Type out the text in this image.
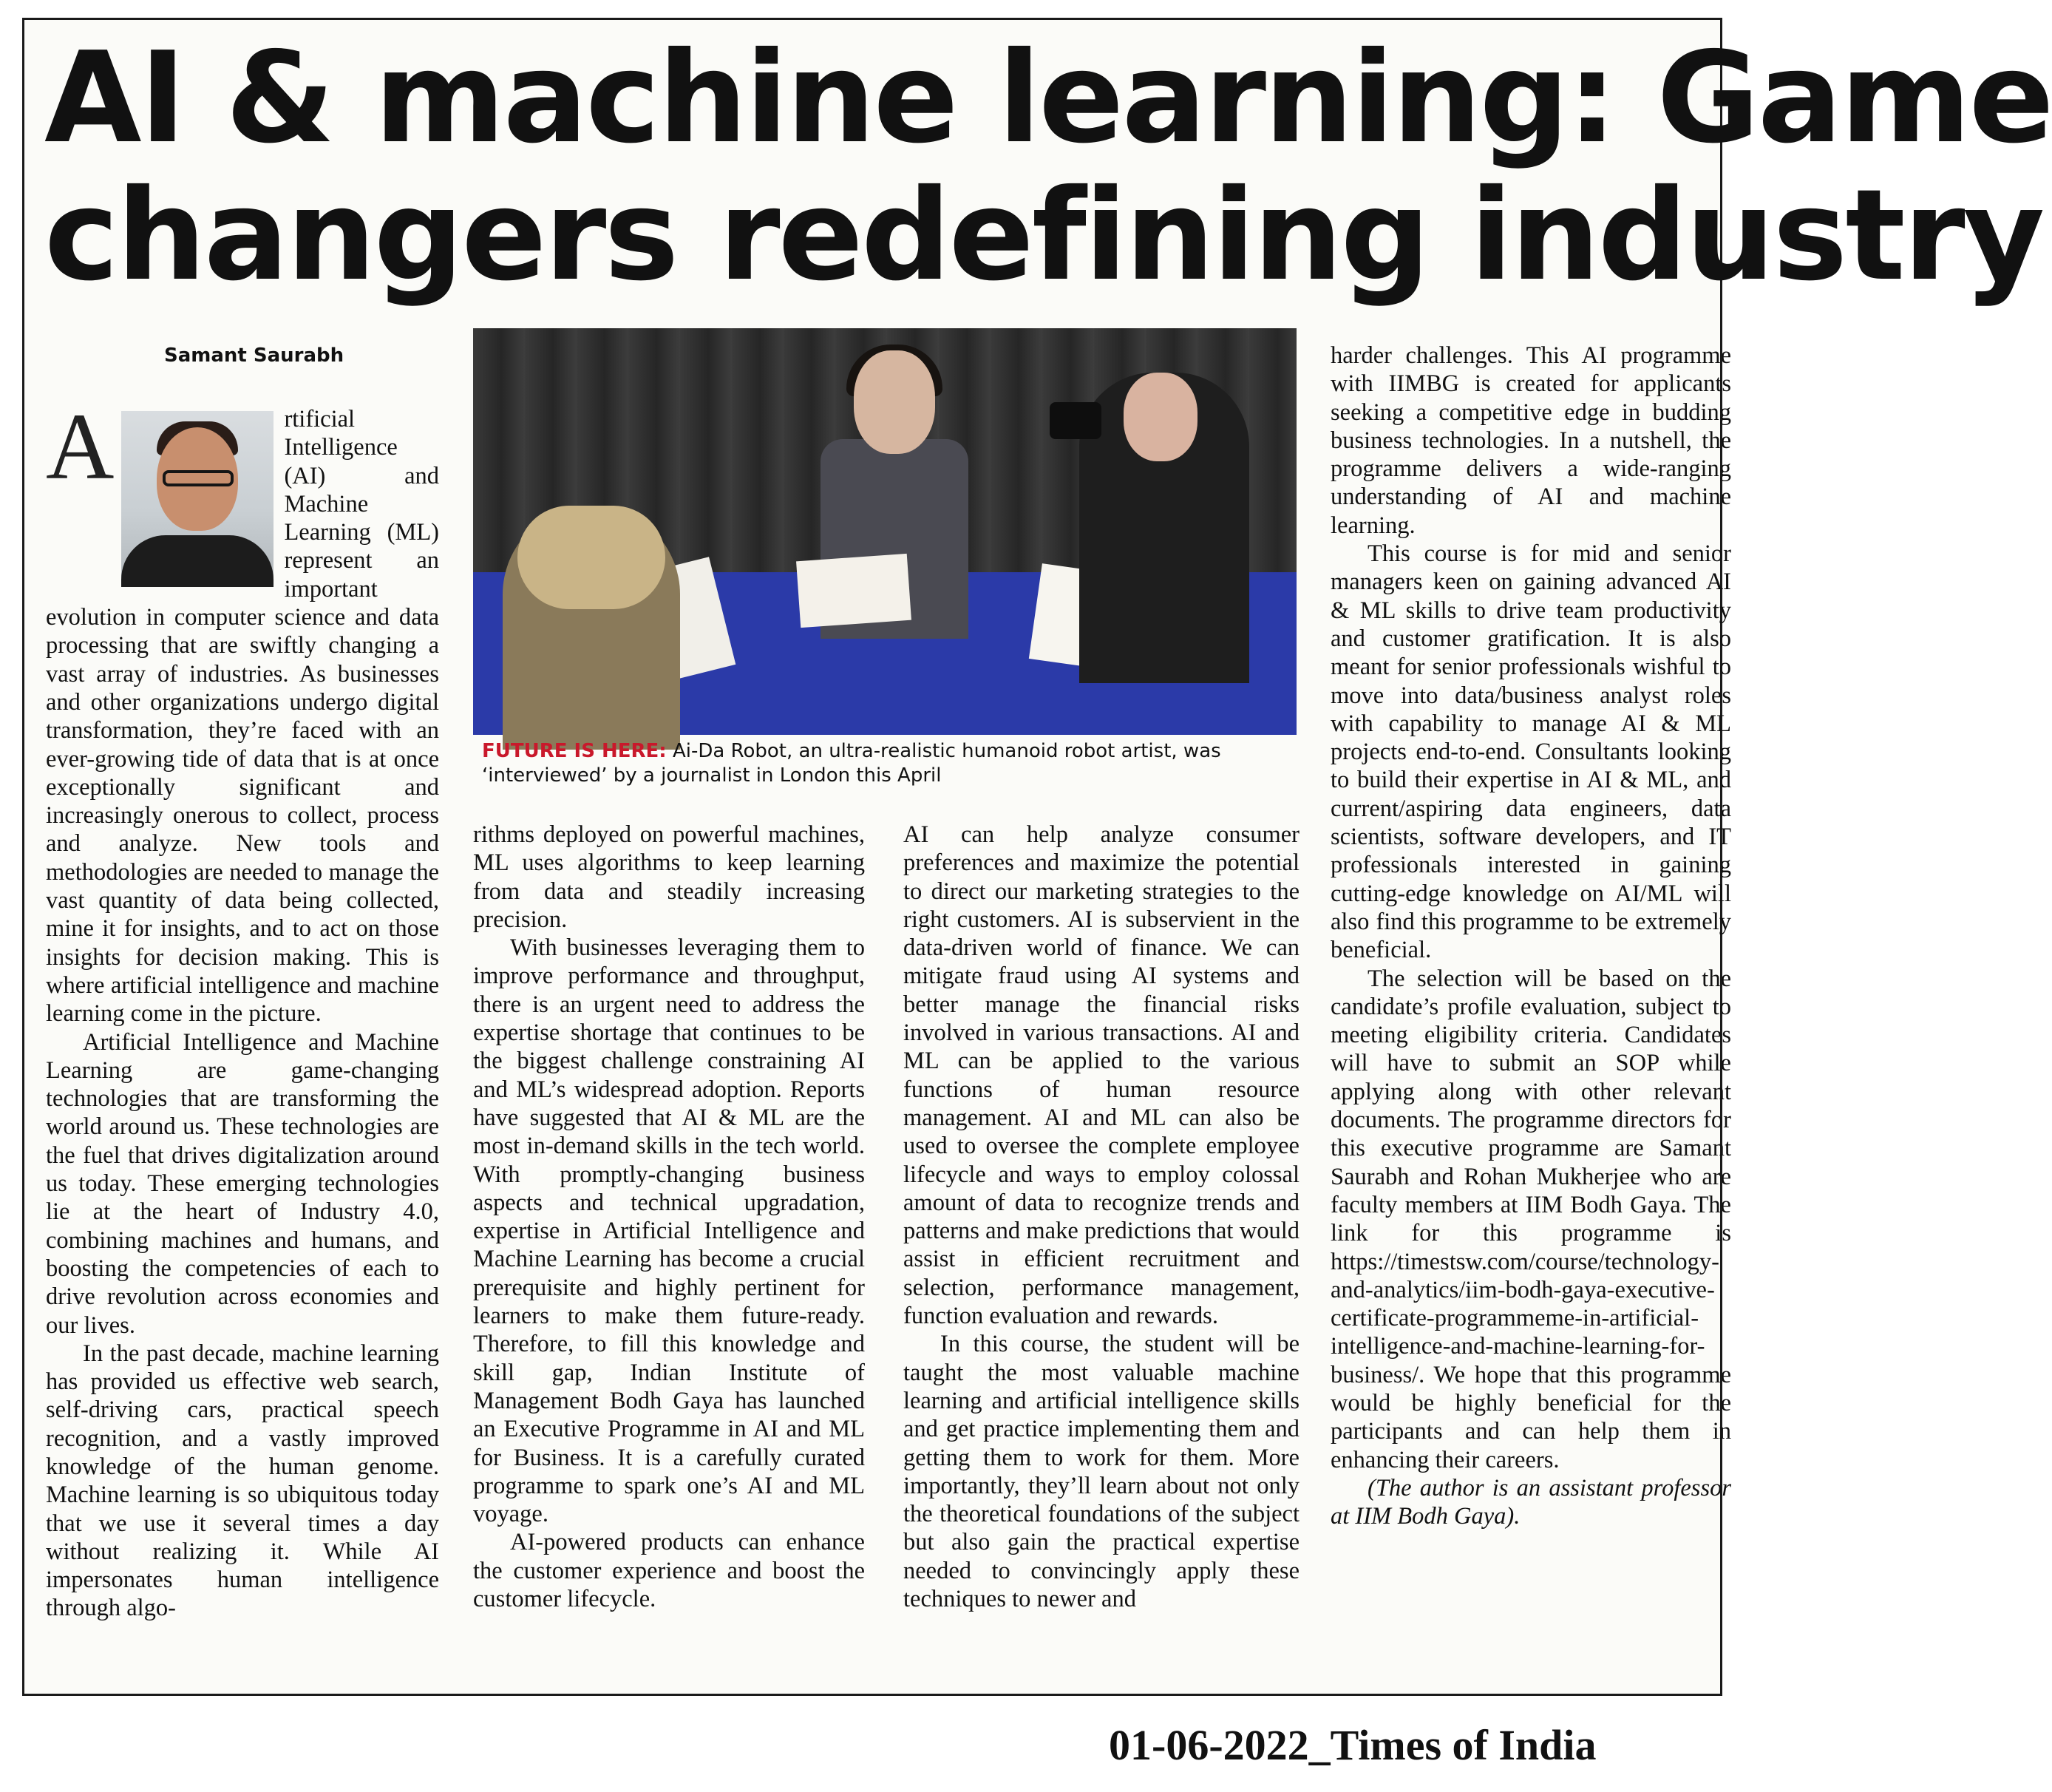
AI & machine learning: Game
changers redefining industry
Samant Saurabh

A	rtificial Intelligence (AI) and Machine Learning (ML) represent an important evolution in computer science and data processing that are swiftly changing a vast array of industries. As businesses and other organizations undergo digital transformation, they’re faced with an ever-growing tide of data that is at once exceptionally significant and increasingly onerous to collect, process and analyze. New tools and methodologies are needed to manage the vast quantity of data being collected, mine it for insights, and to act on those insights for decision making. This is where artificial intelligence and machine learning come in the picture.

Artificial Intelligence and Machine Learning are game-changing technologies that are transforming the world around us. These technologies are the fuel that drives digitalization around us today. These emerging technologies lie at the heart of Industry 4.0, combining machines and humans, and boosting the competencies of each to drive revolution across economies and our lives.

In the past decade, machine learning has provided us effective web search, self-driving cars, practical speech recognition, and a vastly improved knowledge of the human genome. Machine learning is so ubiquitous today that we use it several times a day without realizing it. While AI impersonates human intelligence through algo-

FUTURE IS HERE: Ai-Da Robot, an ultra-realistic humanoid robot artist, was ‘interviewed’ by a journalist in London this April

rithms deployed on powerful machines, ML uses algorithms to keep learning from data and steadily increasing precision.

With businesses leveraging them to improve performance and throughput, there is an urgent need to address the expertise shortage that continues to be the biggest challenge constraining AI and ML’s widespread adoption. Reports have suggested that AI & ML are the most in-demand skills in the tech world. With promptly-changing business aspects and technical upgradation, expertise in Artificial Intelligence and Machine Learning has become a crucial prerequisite and highly pertinent for learners to make them future-ready. Therefore, to fill this knowledge and skill gap, Indian Institute of Management Bodh Gaya has launched an Executive Programme in AI and ML for Business. It is a carefully curated programme to spark one’s AI and ML voyage.

AI-powered products can enhance the customer experience and boost the customer lifecycle.

AI can help analyze consumer preferences and maximize the potential to direct our marketing strategies to the right customers. AI is subservient in the data-driven world of finance. We can mitigate fraud using AI systems and better manage the financial risks involved in various transactions. AI and ML can be applied to the various functions of human resource management. AI and ML can also be used to oversee the complete employee lifecycle and ways to employ colossal amount of data to recognize trends and patterns and make predictions that would assist in efficient recruitment and selection, performance management, function evaluation and rewards.

In this course, the student will be taught the most valuable machine learning and artificial intelligence skills and get practice implementing them and getting them to work for them. More importantly, they’ll learn about not only the theoretical foundations of the subject but also gain the practical expertise needed to convincingly apply these techniques to newer and

harder challenges. This AI programme with IIMBG is created for applicants seeking a competitive edge in budding business technologies. In a nutshell, the programme delivers a wide-ranging understanding of AI and machine learning.

This course is for mid and senior managers keen on gaining advanced AI & ML skills to drive team productivity and customer gratification. It is also meant for senior professionals wishful to move into data/business analyst roles with capability to manage AI & ML projects end-to-end. Consultants looking to build their expertise in AI & ML, and current/aspiring data engineers, data scientists, software developers, and IT professionals interested in gaining cutting-edge knowledge on AI/ML will also find this programme to be extremely beneficial.

The selection will be based on the candidate’s profile evaluation, subject to meeting eligibility criteria. Candidates will have to submit an SOP while applying along with other relevant documents. The programme directors for this executive programme are Samant Saurabh and Rohan Mukherjee who are faculty members at IIM Bodh Gaya. The link for this programme is https://timestsw.com/course/technology-and-analytics/iim-bodh-gaya-executive-certificate-programmeme-in-artificial-intelligence-and-machine-learning-for-business/. We hope that this programme would be highly beneficial for the participants and can help them in enhancing their careers.

(The author is an assistant professor at IIM Bodh Gaya).

01-06-2022_Times of India
